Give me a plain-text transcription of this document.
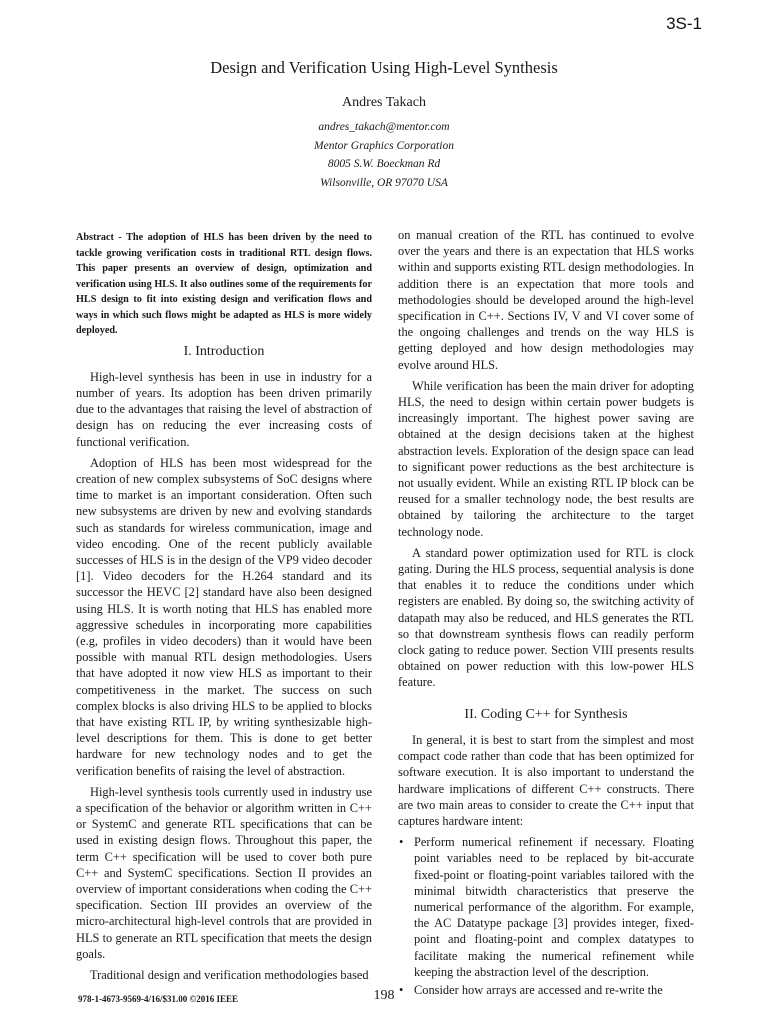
3S-1
Design and Verification Using High-Level Synthesis
Andres Takach
andres_takach@mentor.com
Mentor Graphics Corporation
8005 S.W. Boeckman Rd
Wilsonville, OR 97070 USA

Abstract - The adoption of HLS has been driven by the need to tackle growing verification costs in traditional RTL design flows. This paper presents an overview of design, optimization and verification using HLS. It also outlines some of the requirements for HLS design to fit into existing design and verification flows and ways in which such flows might be adapted as HLS is more widely deployed.

I. Introduction

High-level synthesis has been in use in industry for a number of years. Its adoption has been driven primarily due to the advantages that raising the level of abstraction of design has on reducing the ever increasing costs of functional verification.

Adoption of HLS has been most widespread for the creation of new complex subsystems of SoC designs where time to market is an important consideration. Often such new subsystems are driven by new and evolving standards such as standards for wireless communication, image and video encoding. One of the recent publicly available successes of HLS is in the design of the VP9 video decoder [1]. Video decoders for the H.264 standard and its successor the HEVC [2] standard have also been designed using HLS. It is worth noting that HLS has enabled more aggressive schedules in incorporating more capabilities (e.g, profiles in video decoders) than it would have been possible with manual RTL design methodologies. Users that have adopted it now view HLS as important to their competitiveness in the market. The success on such complex blocks is also driving HLS to be applied to blocks that have existing RTL IP, by writing synthesizable high-level descriptions for them. This is done to get better hardware for new technology nodes and to get the verification benefits of raising the level of abstraction.

High-level synthesis tools currently used in industry use a specification of the behavior or algorithm written in C++ or SystemC and generate RTL specifications that can be used in existing design flows. Throughout this paper, the term C++ specification will be used to cover both pure C++ and SystemC specifications. Section II provides an overview of important considerations when coding the C++ specification. Section III provides an overview of the micro-architectural high-level controls that are provided in HLS to generate an RTL specification that meets the design goals.

Traditional design and verification methodologies based

on manual creation of the RTL has continued to evolve over the years and there is an expectation that HLS works within and supports existing RTL design methodologies. In addition there is an expectation that more tools and methodologies should be developed around the high-level specification in C++. Sections IV, V and VI cover some of the ongoing challenges and trends on the way HLS is getting deployed and how design methodologies may evolve around HLS.

While verification has been the main driver for adopting HLS, the need to design within certain power budgets is increasingly important. The highest power saving are obtained at the design decisions taken at the highest abstraction levels. Exploration of the design space can lead to significant power reductions as the best architecture is not usually evident. While an existing RTL IP block can be reused for a smaller technology node, the best results are obtained by tailoring the architecture to the target technology node.

A standard power optimization used for RTL is clock gating. During the HLS process, sequential analysis is done that enables it to reduce the conditions under which registers are enabled. By doing so, the switching activity of datapath may also be reduced, and HLS generates the RTL so that downstream synthesis flows can readily perform clock gating to reduce power. Section VIII presents results obtained on power reduction with this low-power HLS feature.

II. Coding C++ for Synthesis

In general, it is best to start from the simplest and most compact code rather than code that has been optimized for software execution. It is also important to understand the hardware implications of different C++ constructs. There are two main areas to consider to create the C++ input that captures hardware intent:

• Perform numerical refinement if necessary. Floating point variables need to be replaced by bit-accurate fixed-point or floating-point variables tailored with the minimal bitwidth characteristics that preserve the numerical performance of the algorithm. For example, the AC Datatype package [3] provides integer, fixed-point and floating-point and complex datatypes to facilitate making the numerical refinement while keeping the abstraction level of the description.
• Consider how arrays are accessed and re-write the
978-1-4673-9569-4/16/$31.00 ©2016 IEEE	198
